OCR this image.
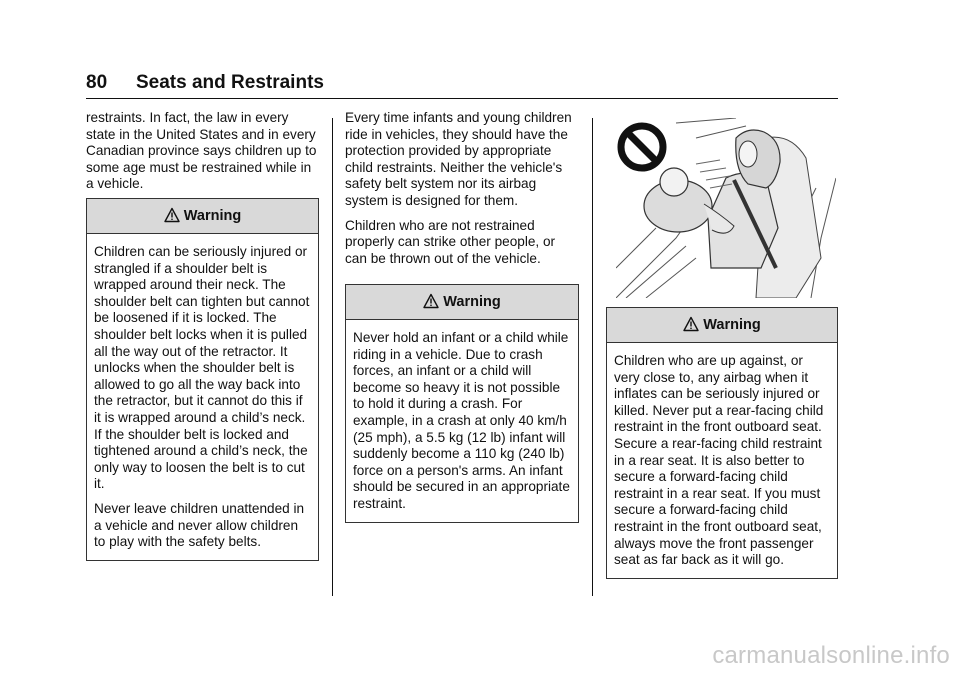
80 Seats and Restraints

restraints. In fact, the law in every state in the United States and in every Canadian province says children up to some age must be restrained while in a vehicle.

Warning

Children can be seriously injured or strangled if a shoulder belt is wrapped around their neck. The shoulder belt can tighten but cannot be loosened if it is locked. The shoulder belt locks when it is pulled all the way out of the retractor. It unlocks when the shoulder belt is allowed to go all the way back into the retractor, but it cannot do this if it is wrapped around a child’s neck. If the shoulder belt is locked and tightened around a child’s neck, the only way to loosen the belt is to cut it.

Never leave children unattended in a vehicle and never allow children to play with the safety belts.

Every time infants and young children ride in vehicles, they should have the protection provided by appropriate child restraints. Neither the vehicle's safety belt system nor its airbag system is designed for them.

Children who are not restrained properly can strike other people, or can be thrown out of the vehicle.

Warning

Never hold an infant or a child while riding in a vehicle. Due to crash forces, an infant or a child will become so heavy it is not possible to hold it during a crash. For example, in a crash at only 40 km/h (25 mph), a 5.5 kg (12 lb) infant will suddenly become a 110 kg (240 lb) force on a person's arms. An infant should be secured in an appropriate restraint.

Warning

Children who are up against, or very close to, any airbag when it inflates can be seriously injured or killed. Never put a rear-facing child restraint in the front outboard seat. Secure a rear-facing child restraint in a rear seat. It is also better to secure a forward-facing child restraint in a rear seat. If you must secure a forward-facing child restraint in the front outboard seat, always move the front passenger seat as far back as it will go.

carmanualsonline.info
